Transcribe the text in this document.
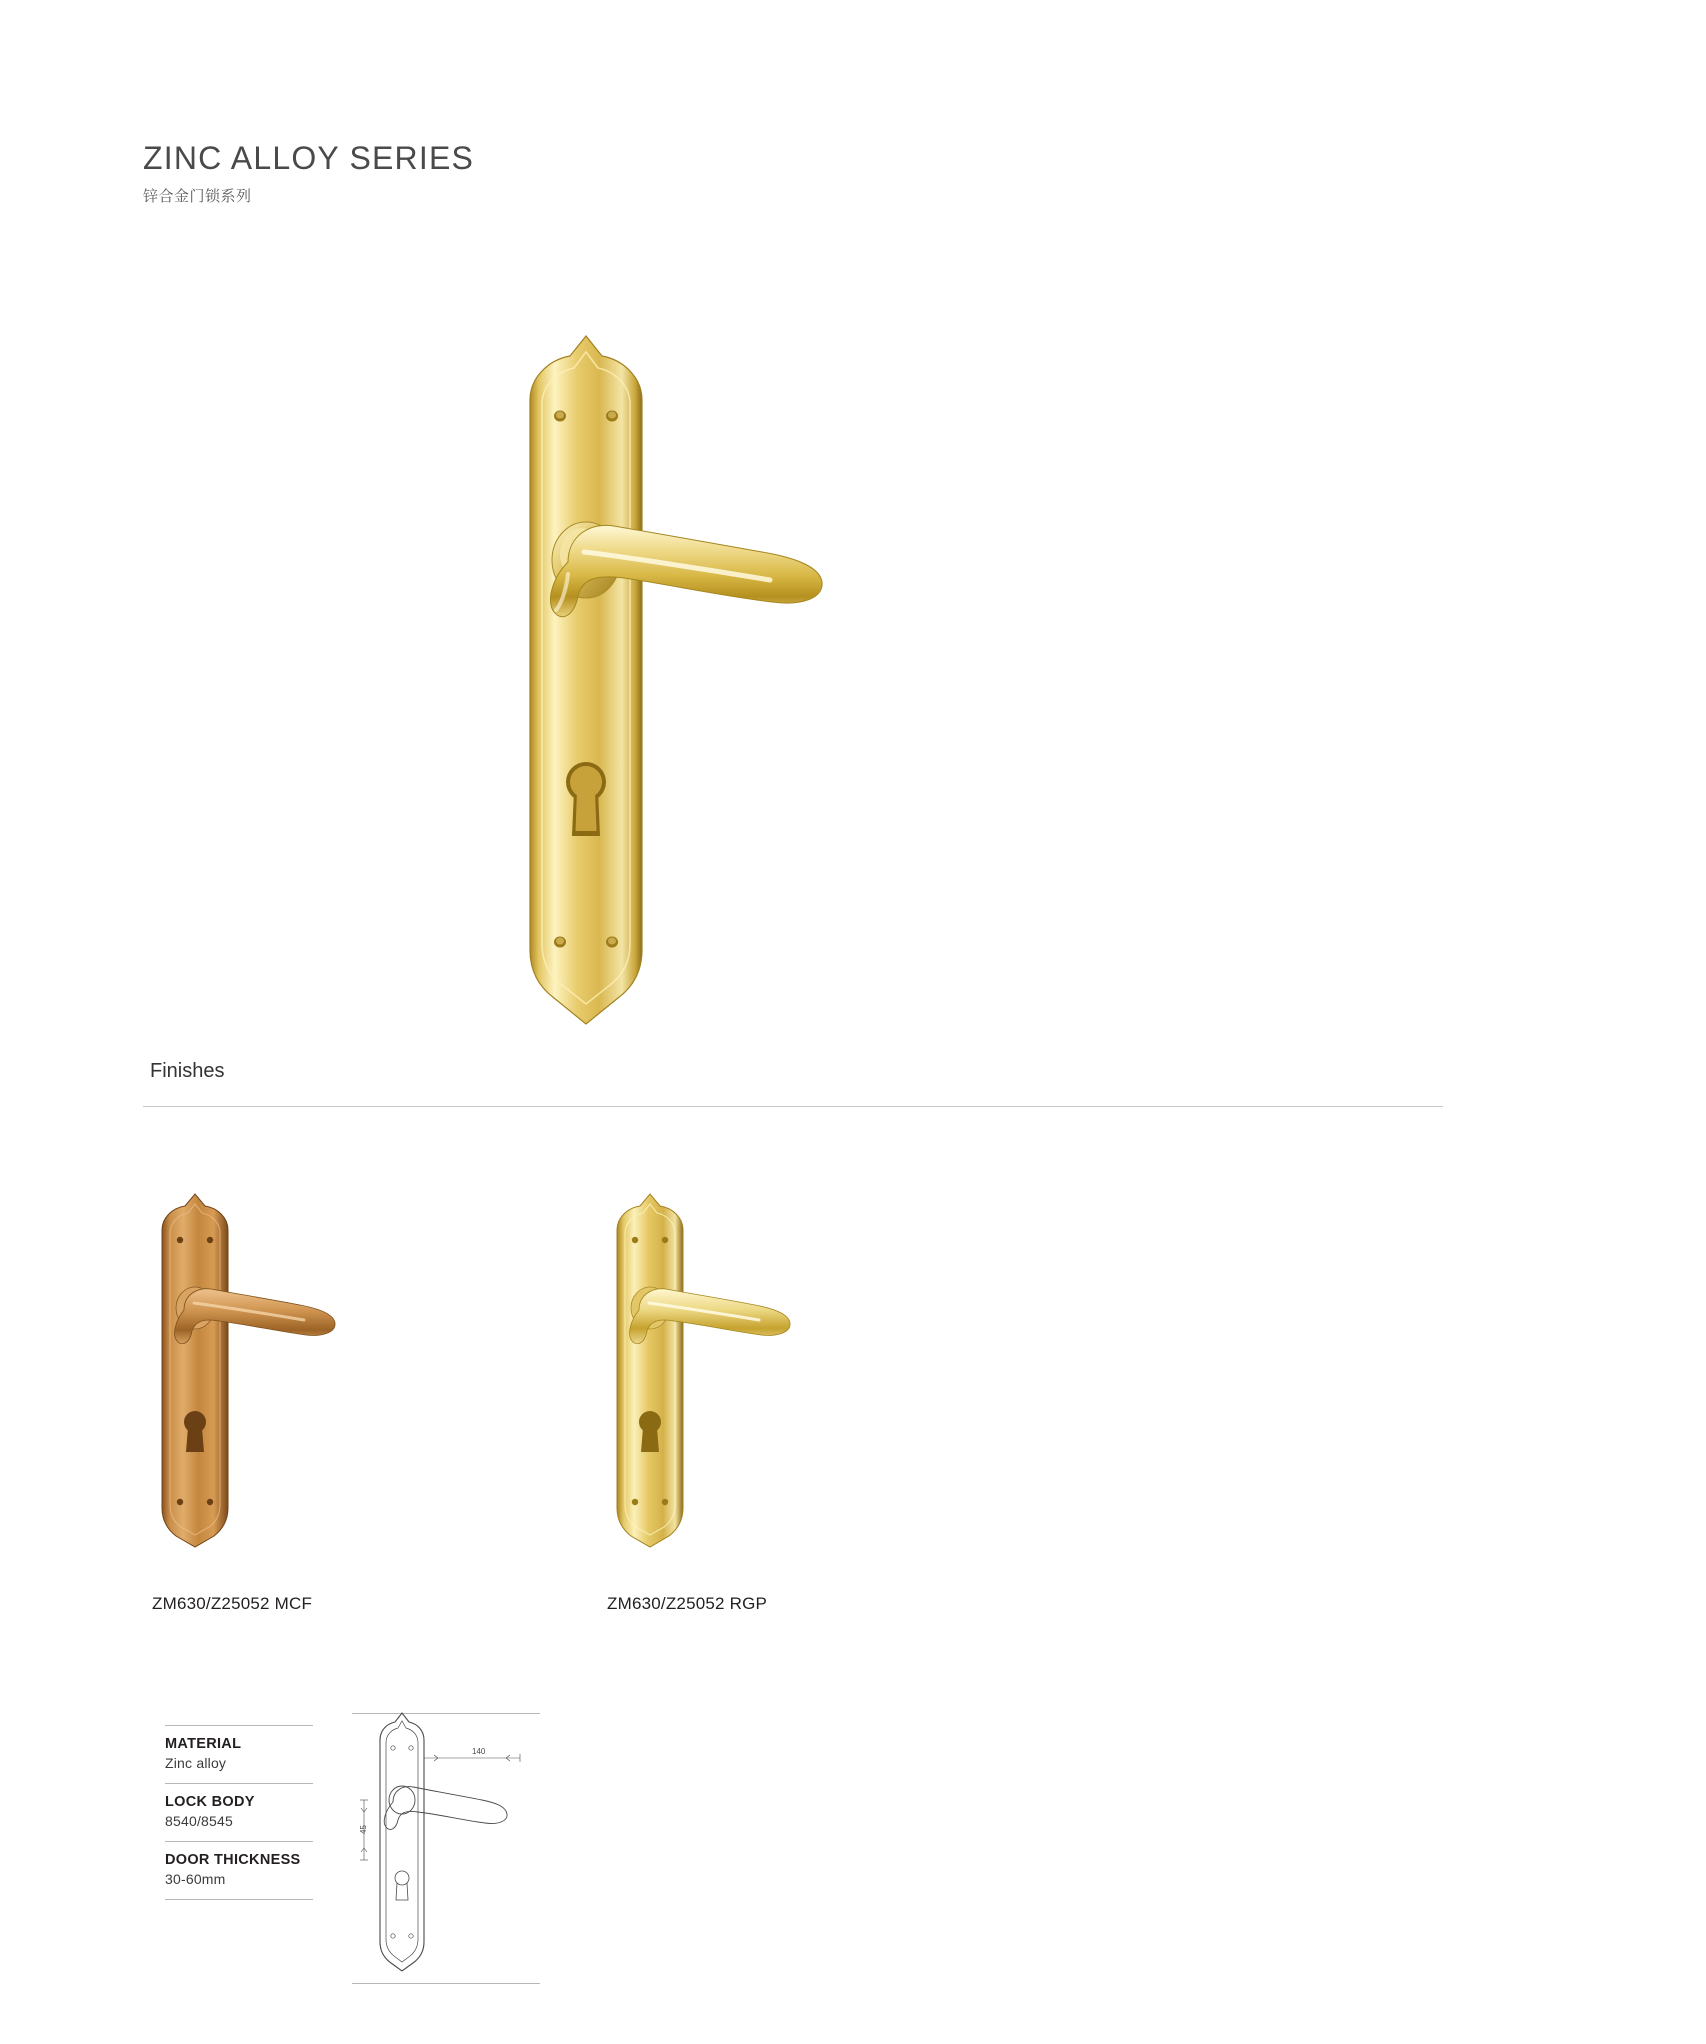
ZINC ALLOY SERIES

锌合金门锁系列

Finishes
ZM630/Z25052 MCF	ZM630/Z25052 RGP
MATERIAL
Zinc alloy
LOCK BODY
8540/8545
DOOR THICKNESS
30-60mm
140
45
